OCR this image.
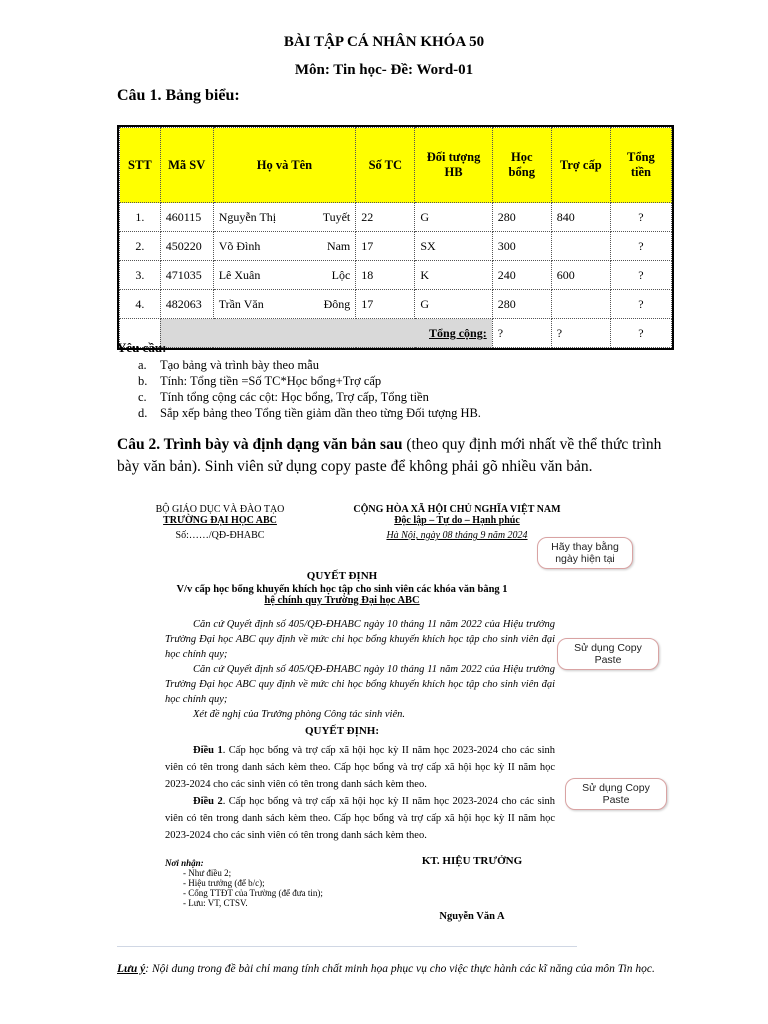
BÀI TẬP CÁ NHÂN KHÓA 50
Môn: Tin học- Đề: Word-01
Câu 1. Bảng biểu:
STT	Mã SV	Họ và Tên	Số TC	Đối tượng HB	Học bổng	Trợ cấp	Tổng tiền
1.	460115	Nguyễn Thị Tuyết	22	G	280	840	?
2.	450220	Võ Đình Nam	17	SX	300		?
3.	471035	Lê Xuân Lộc	18	K	240	600	?
4.	482063	Trần Văn Đông	17	G	280		?
	Tổng cộng:				?	?	?
Yêu cầu:
a. Tạo bảng và trình bày theo mẫu
b. Tính: Tổng tiền =Số TC*Học bổng+Trợ cấp
c. Tính tổng cộng các cột: Học bổng, Trợ cấp, Tổng tiền
d. Sắp xếp bảng theo Tổng tiền giảm dần theo từng Đối tượng HB.
Câu 2. Trình bày và định dạng văn bản sau (theo quy định mới nhất về thể thức trình bày văn bản). Sinh viên sử dụng copy paste để không phải gõ nhiều văn bản.
BỘ GIÁO DỤC VÀ ĐÀO TẠO
TRƯỜNG ĐẠI HỌC ABC
Số:……/QĐ-ĐHABC
CỘNG HÒA XÃ HỘI CHỦ NGHĨA VIỆT NAM
Độc lập – Tự do – Hạnh phúc
Hà Nội, ngày 08 tháng 9 năm 2024
Hãy thay bằng ngày hiện tại
QUYẾT ĐỊNH
V/v cấp học bổng khuyến khích học tập cho sinh viên các khóa văn bằng 1
hệ chính quy Trường Đại học ABC
Căn cứ Quyết định số 405/QĐ-ĐHABC ngày 10 tháng 11 năm 2022 của Hiệu trưởng Trường Đại học ABC quy định về mức chi học bổng khuyến khích học tập cho sinh viên đại học chính quy;
Căn cứ Quyết định số 405/QĐ-ĐHABC ngày 10 tháng 11 năm 2022 của Hiệu trưởng Trường Đại học ABC quy định về mức chi học bổng khuyến khích học tập cho sinh viên đại học chính quy;
Xét đề nghị của Trưởng phòng Công tác sinh viên.
Sử dụng Copy Paste
QUYẾT ĐỊNH:
Điều 1. Cấp học bổng và trợ cấp xã hội học kỳ II năm học 2023-2024 cho các sinh viên có tên trong danh sách kèm theo. Cấp học bổng và trợ cấp xã hội học kỳ II năm học 2023-2024 cho các sinh viên có tên trong danh sách kèm theo.
Điều 2. Cấp học bổng và trợ cấp xã hội học kỳ II năm học 2023-2024 cho các sinh viên có tên trong danh sách kèm theo. Cấp học bổng và trợ cấp xã hội học kỳ II năm học 2023-2024 cho các sinh viên có tên trong danh sách kèm theo.
Sử dụng Copy Paste
Nơi nhận:
- Như điều 2;
- Hiệu trưởng (để b/c);
- Cổng TTĐT của Trường (để đưa tin);
- Lưu: VT, CTSV.
KT. HIỆU TRƯỞNG
Nguyễn Văn A
Lưu ý: Nội dung trong đề bài chỉ mang tính chất minh họa phục vụ cho việc thực hành các kĩ năng của môn Tin học.
